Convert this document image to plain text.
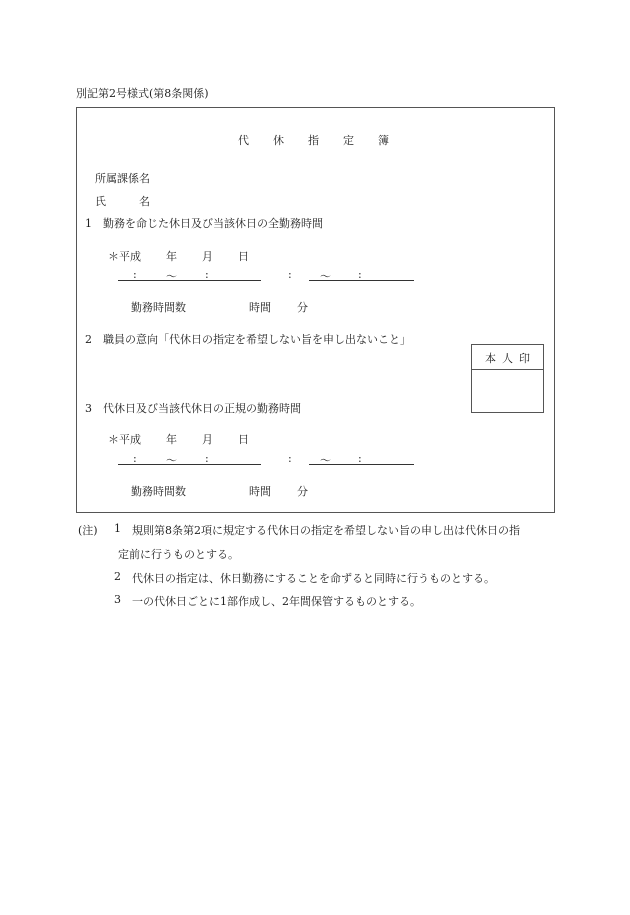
別記第2号様式(第8条関係)
代休指定簿
所属課係名
氏　　　名
1　勤務を命じた休日及び当該休日の全勤務時間
＊ 平成 年 月 日
:	〜	:	:	〜 :
勤務時間数	時間 分
2　職員の意向「代休日の指定を希望しない旨を申し出ないこと」
本人印
3　代休日及び当該代休日の正規の勤務時間
＊ 平成 年 月 日
:	〜	:	:	〜 :
勤務時間数	時間 分
(注) 1 規則第8条第2項に規定する代休日の指定を希望しない旨の申し出は代休日の指
定前に行うものとする。
2 代休日の指定は、休日勤務にすることを命ずると同時に行うものとする。
3 一の代休日ごとに1部作成し、2年間保管するものとする。
